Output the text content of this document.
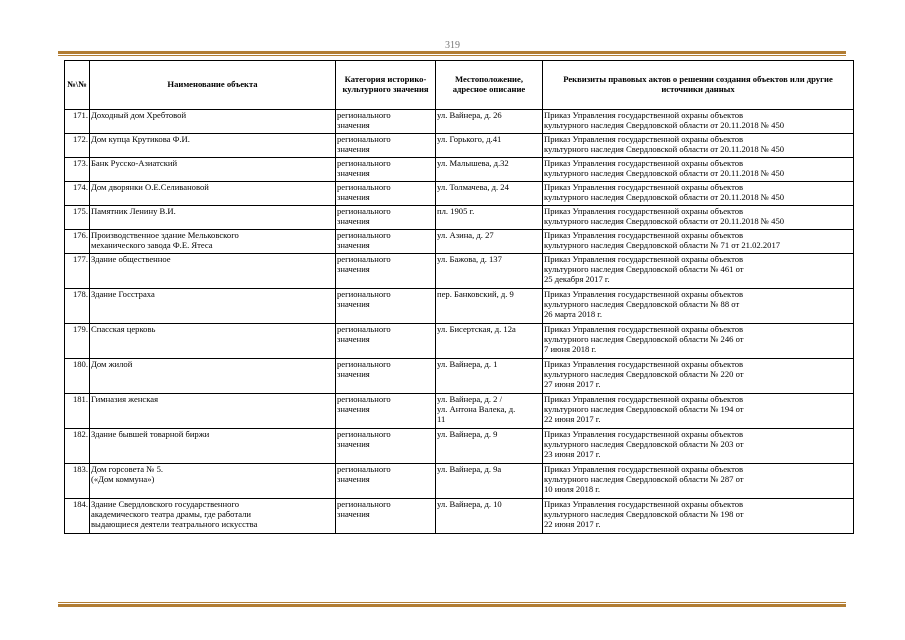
319
№\№	Наименование объекта	Категория историко-культурного значения	Местоположение, адресное описание	Реквизиты правовых актов о решении создания объектов или другие источники данных
171.	Доходный дом Хребтовой	регионального
значения	ул. Вайнера, д. 26	Приказ Управления государственной охраны объектов
культурного наследия Свердловской области от 20.11.2018 № 450

172.	Дом купца Крутикова Ф.И.	регионального
значения	ул. Горького, д.41	Приказ Управления государственной охраны объектов
культурного наследия Свердловской области от 20.11.2018 № 450

173.	Банк Русско-Азиатский	регионального
значения	ул. Малышева, д.32	Приказ Управления государственной охраны объектов
культурного наследия Свердловской области от 20.11.2018 № 450

174.	Дом дворянки О.Е.Селивановой	регионального
значения	ул. Толмачева, д. 24	Приказ Управления государственной охраны объектов
культурного наследия Свердловской области от 20.11.2018 № 450

175.	Памятник Ленину В.И.	регионального
значения	пл. 1905 г.	Приказ Управления государственной охраны объектов
культурного наследия Свердловской области от 20.11.2018 № 450

176.	Производственное здание Мельковского
механического завода Ф.Е. Ятеса	регионального
значения	ул. Азина, д. 27	Приказ Управления государственной охраны объектов
культурного наследия Свердловской области № 71 от 21.02.2017

177.	Здание общественное	регионального
значения	ул. Бажова, д. 137	Приказ Управления государственной охраны объектов
культурного наследия Свердловской области № 461 от
25 декабря 2017 г.

178.	Здание Госстраха	регионального
значения	пер. Банковский, д. 9	Приказ Управления государственной охраны объектов
культурного наследия Свердловской области № 88 от
26 марта 2018 г.

179.	Спасская церковь	регионального
значения	ул. Бисертская, д. 12а	Приказ Управления государственной охраны объектов
культурного наследия Свердловской области № 246 от
7 июня 2018 г.

180.	Дом жилой	регионального
значения	ул. Вайнера, д. 1	Приказ Управления государственной охраны объектов
культурного наследия Свердловской области № 220 от
27 июня 2017 г.

181.	Гимназия женская	регионального
значения	ул. Вайнера, д. 2 /
ул. Антона Валека, д.
11	Приказ Управления государственной охраны объектов
культурного наследия Свердловской области № 194 от
22 июня 2017 г.

182.	Здание бывшей товарной биржи	регионального
значения	ул. Вайнера, д. 9	Приказ Управления государственной охраны объектов
культурного наследия Свердловской области № 203 от
23 июня 2017 г.

183.	Дом горсовета № 5.
(«Дом коммуна»)	регионального
значения	ул. Вайнера, д. 9а	Приказ Управления государственной охраны объектов
культурного наследия Свердловской области № 287 от
10 июля 2018 г.

184.	Здание Свердловского государственного
академического театра драмы, где работали
выдающиеся деятели театрального искусства	регионального
значения	ул. Вайнера, д. 10	Приказ Управления государственной охраны объектов
культурного наследия Свердловской области № 198 от
22 июня 2017 г.
